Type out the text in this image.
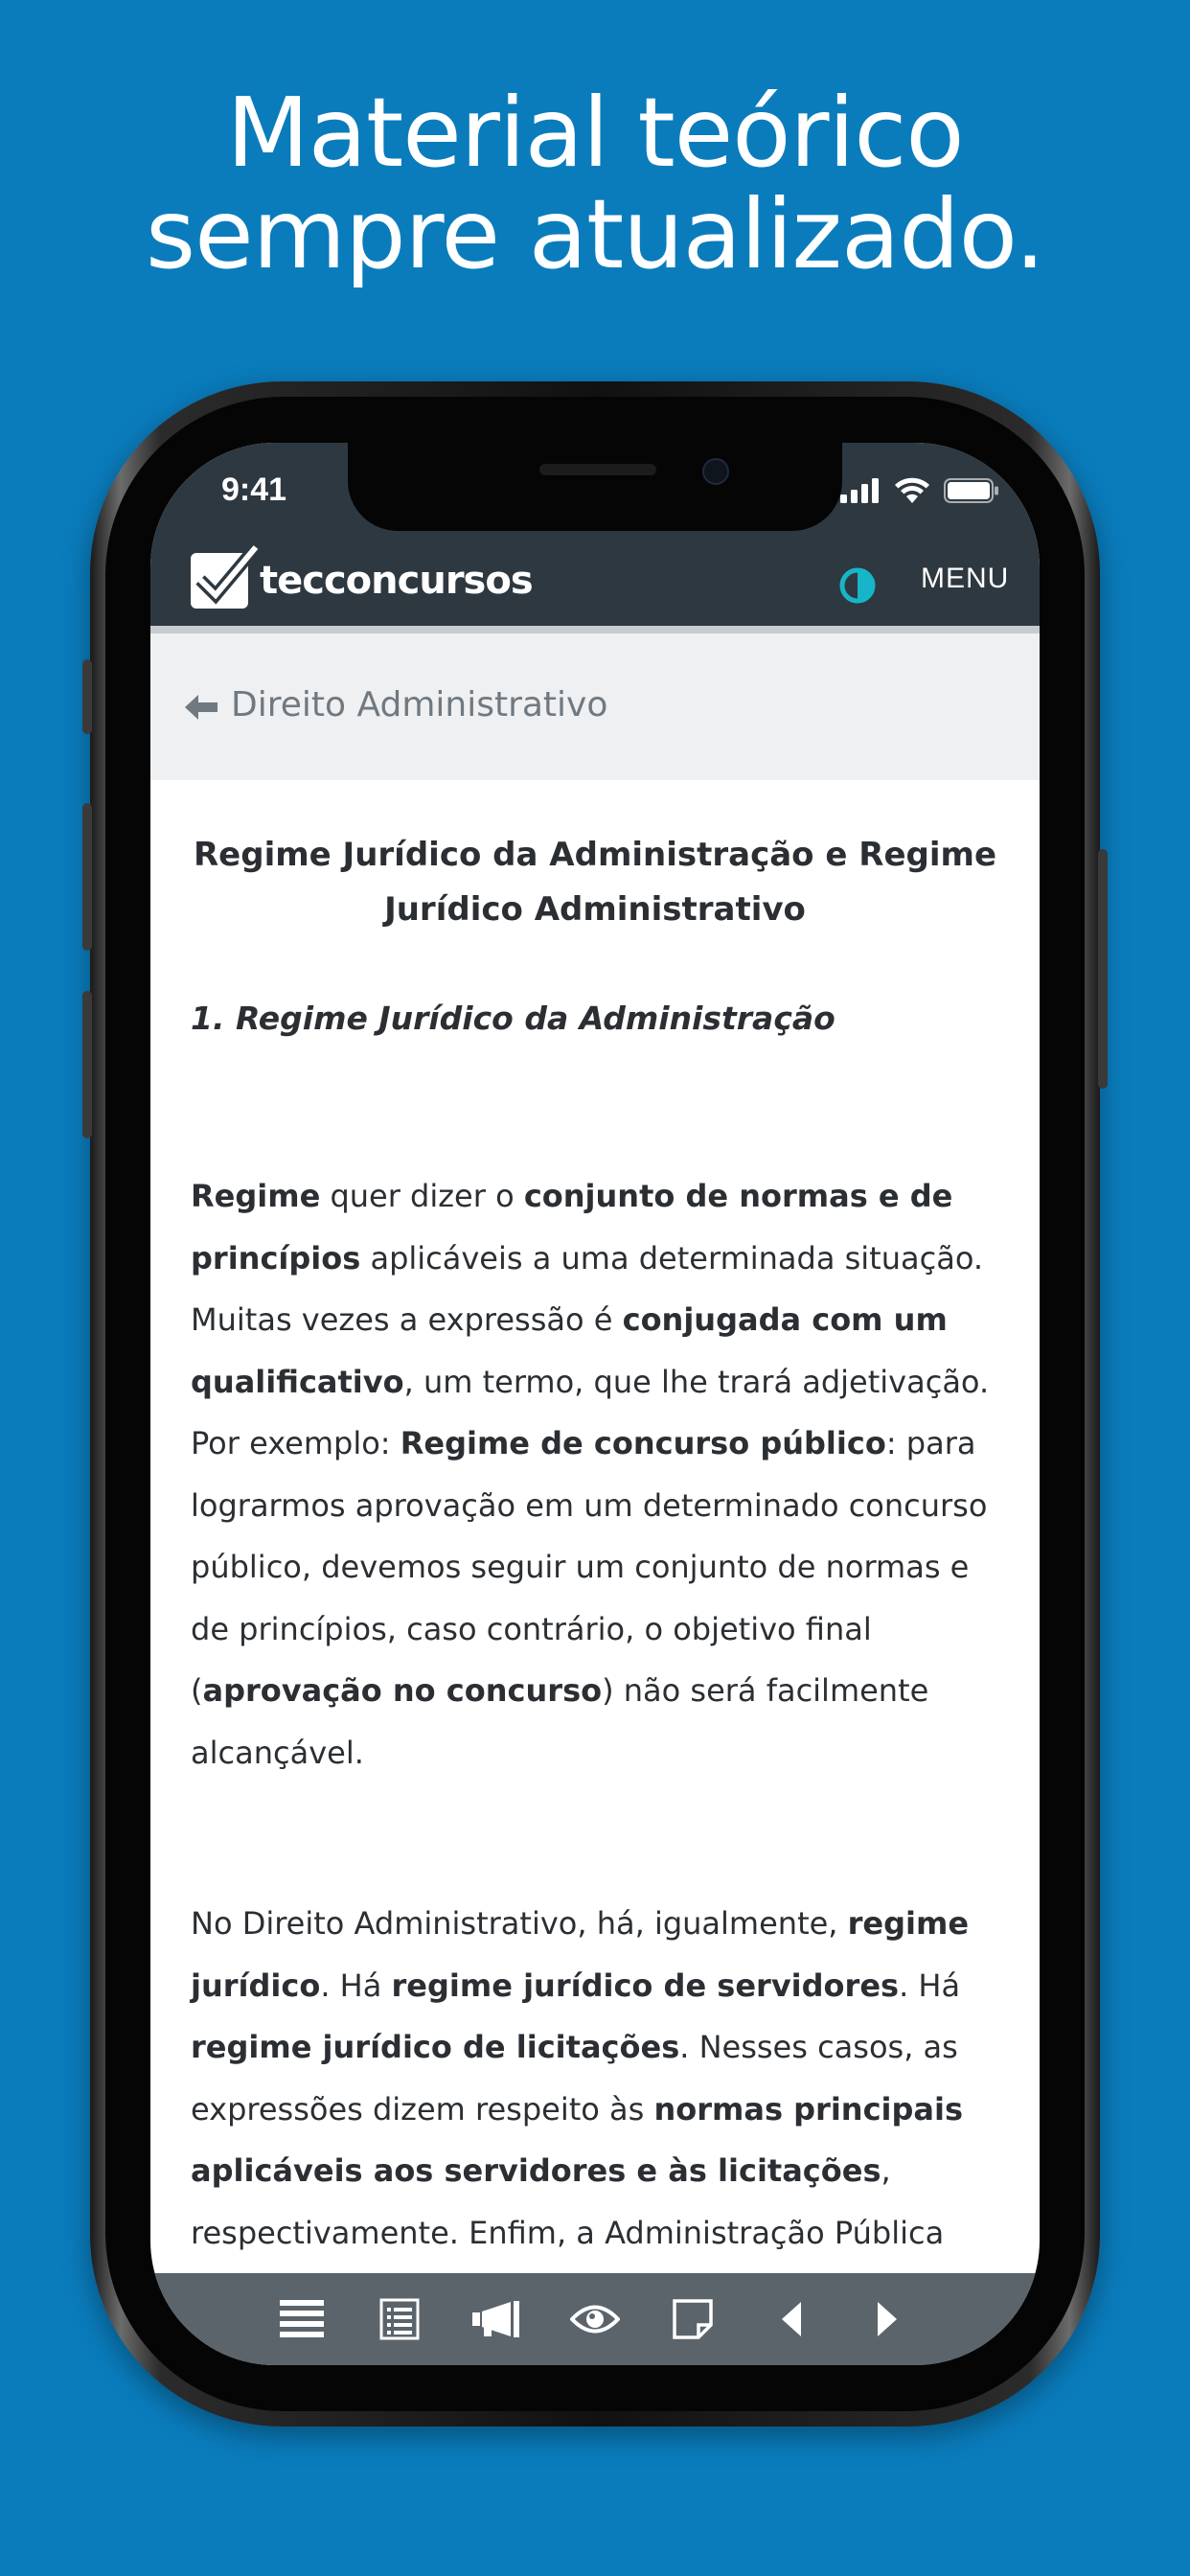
Material teórico
sempre atualizado.
9:41
tecconcursos	MENU
Direito Administrativo
Regime Jurídico da Administração e Regime Jurídico Administrativo

1. Regime Jurídico da Administração

Regime quer dizer o conjunto de normas e de princípios aplicáveis a uma determinada situação. Muitas vezes a expressão é conjugada com um qualificativo, um termo, que lhe trará adjetivação. Por exemplo: Regime de concurso público: para lograrmos aprovação em um determinado concurso público, devemos seguir um conjunto de normas e de princípios, caso contrário, o objetivo final (aprovação no concurso) não será facilmente alcançável.

No Direito Administrativo, há, igualmente, regime jurídico. Há regime jurídico de servidores. Há regime jurídico de licitações. Nesses casos, as expressões dizem respeito às normas principais aplicáveis aos servidores e às licitações, respectivamente. Enfim, a Administração Pública
